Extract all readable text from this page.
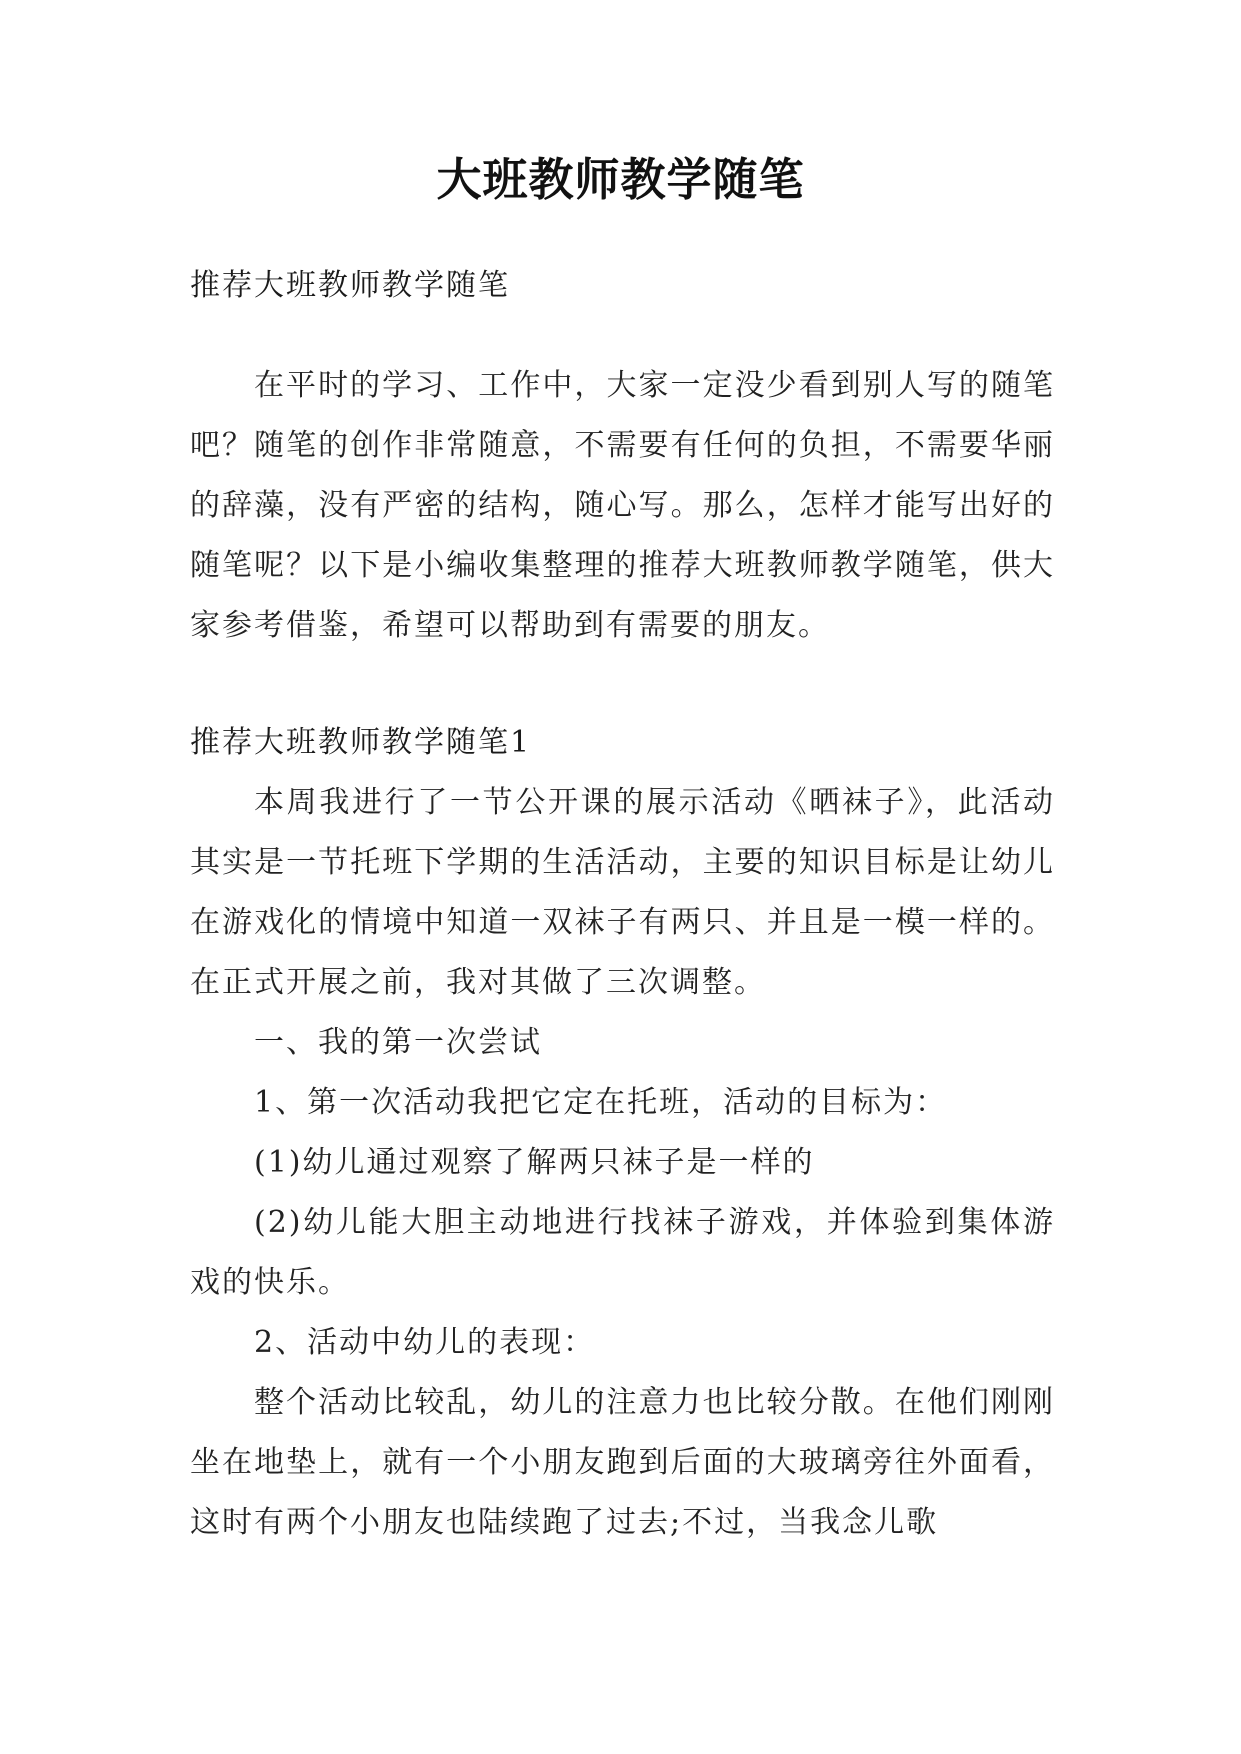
大班教师教学随笔
推荐大班教师教学随笔

在平时的学习、工作中，大家一定没少看到别人写的随笔吧？随笔的创作非常随意，不需要有任何的负担，不需要华丽的辞藻，没有严密的结构，随心写。那么，怎样才能写出好的随笔呢？以下是小编收集整理的推荐大班教师教学随笔，供大家参考借鉴，希望可以帮助到有需要的朋友。

推荐大班教师教学随笔1

本周我进行了一节公开课的展示活动《晒袜子》，此活动其实是一节托班下学期的生活活动，主要的知识目标是让幼儿在游戏化的情境中知道一双袜子有两只、并且是一模一样的。在正式开展之前，我对其做了三次调整。

一、我的第一次尝试

1、第一次活动我把它定在托班，活动的目标为：

(1)幼儿通过观察了解两只袜子是一样的

(2)幼儿能大胆主动地进行找袜子游戏，并体验到集体游戏的快乐。

2、活动中幼儿的表现：

整个活动比较乱，幼儿的注意力也比较分散。在他们刚刚坐在地垫上，就有一个小朋友跑到后面的大玻璃旁往外面看，这时有两个小朋友也陆续跑了过去;不过，当我念儿歌
